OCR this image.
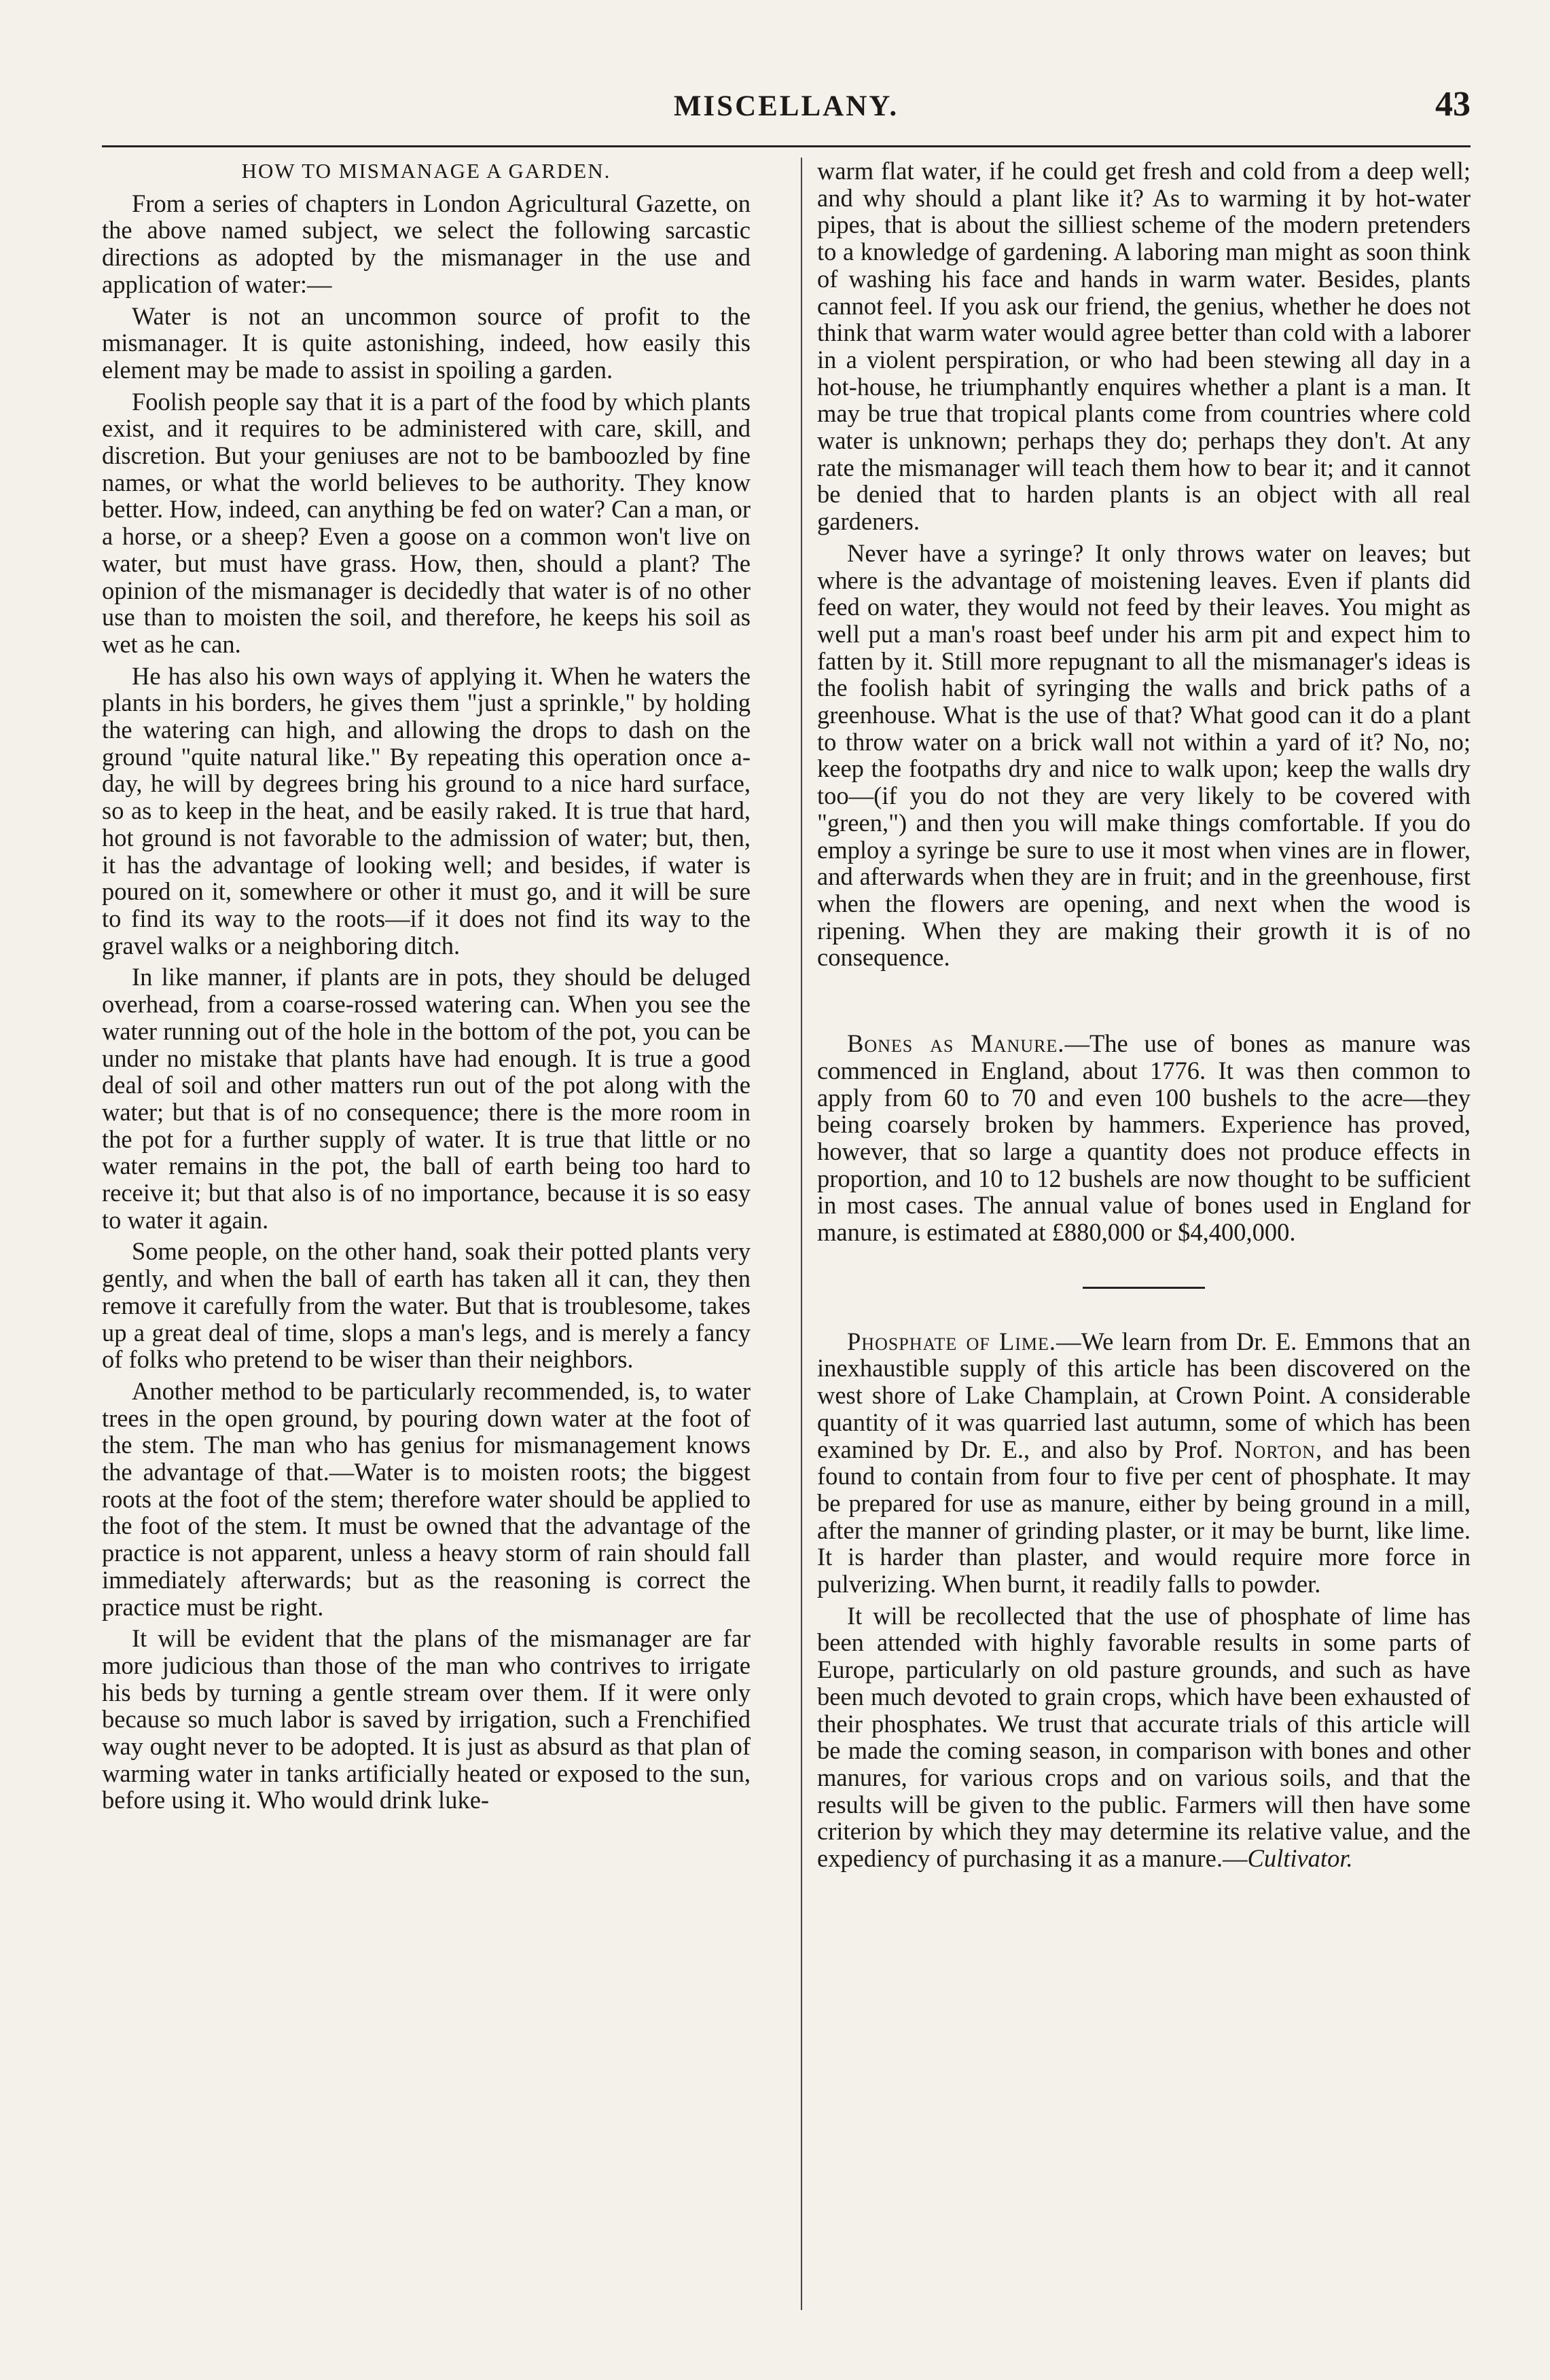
MISCELLANY.	43
HOW TO MISMANAGE A GARDEN.

From a series of chapters in London Agricultural Gazette, on the above named subject, we select the following sarcastic directions as adopted by the mismanager in the use and application of water:—

Water is not an uncommon source of profit to the mismanager. It is quite astonishing, indeed, how easily this element may be made to assist in spoiling a garden.

Foolish people say that it is a part of the food by which plants exist, and it requires to be administered with care, skill, and discretion. But your geniuses are not to be bamboozled by fine names, or what the world believes to be authority. They know better. How, indeed, can anything be fed on water? Can a man, or a horse, or a sheep? Even a goose on a common won't live on water, but must have grass. How, then, should a plant? The opinion of the mismanager is decidedly that water is of no other use than to moisten the soil, and therefore, he keeps his soil as wet as he can.

He has also his own ways of applying it. When he waters the plants in his borders, he gives them "just a sprinkle," by holding the watering can high, and allowing the drops to dash on the ground "quite natural like." By repeating this operation once a-day, he will by degrees bring his ground to a nice hard surface, so as to keep in the heat, and be easily raked. It is true that hard, hot ground is not favorable to the admission of water; but, then, it has the advantage of looking well; and besides, if water is poured on it, somewhere or other it must go, and it will be sure to find its way to the roots—if it does not find its way to the gravel walks or a neighboring ditch.

In like manner, if plants are in pots, they should be deluged overhead, from a coarse-rossed watering can. When you see the water running out of the hole in the bottom of the pot, you can be under no mistake that plants have had enough. It is true a good deal of soil and other matters run out of the pot along with the water; but that is of no consequence; there is the more room in the pot for a further supply of water. It is true that little or no water remains in the pot, the ball of earth being too hard to receive it; but that also is of no importance, because it is so easy to water it again.

Some people, on the other hand, soak their potted plants very gently, and when the ball of earth has taken all it can, they then remove it carefully from the water. But that is troublesome, takes up a great deal of time, slops a man's legs, and is merely a fancy of folks who pretend to be wiser than their neighbors.

Another method to be particularly recommended, is, to water trees in the open ground, by pouring down water at the foot of the stem. The man who has genius for mismanagement knows the advantage of that.—Water is to moisten roots; the biggest roots at the foot of the stem; therefore water should be applied to the foot of the stem. It must be owned that the advantage of the practice is not apparent, unless a heavy storm of rain should fall immediately afterwards; but as the reasoning is correct the practice must be right.

It will be evident that the plans of the mismanager are far more judicious than those of the man who contrives to irrigate his beds by turning a gentle stream over them. If it were only because so much labor is saved by irrigation, such a Frenchified way ought never to be adopted. It is just as absurd as that plan of warming water in tanks artificially heated or exposed to the sun, before using it. Who would drink luke-

warm flat water, if he could get fresh and cold from a deep well; and why should a plant like it? As to warming it by hot-water pipes, that is about the silliest scheme of the modern pretenders to a knowledge of gardening. A laboring man might as soon think of washing his face and hands in warm water. Besides, plants cannot feel. If you ask our friend, the genius, whether he does not think that warm water would agree better than cold with a laborer in a violent perspiration, or who had been stewing all day in a hot-house, he triumphantly enquires whether a plant is a man. It may be true that tropical plants come from countries where cold water is unknown; perhaps they do; perhaps they don't. At any rate the mismanager will teach them how to bear it; and it cannot be denied that to harden plants is an object with all real gardeners.

Never have a syringe? It only throws water on leaves; but where is the advantage of moistening leaves. Even if plants did feed on water, they would not feed by their leaves. You might as well put a man's roast beef under his arm pit and expect him to fatten by it. Still more repugnant to all the mismanager's ideas is the foolish habit of syringing the walls and brick paths of a greenhouse. What is the use of that? What good can it do a plant to throw water on a brick wall not within a yard of it? No, no; keep the footpaths dry and nice to walk upon; keep the walls dry too—(if you do not they are very likely to be covered with "green,") and then you will make things comfortable. If you do employ a syringe be sure to use it most when vines are in flower, and afterwards when they are in fruit; and in the greenhouse, first when the flowers are opening, and next when the wood is ripening. When they are making their growth it is of no consequence.

Bones as Manure.—The use of bones as manure was commenced in England, about 1776. It was then common to apply from 60 to 70 and even 100 bushels to the acre—they being coarsely broken by hammers. Experience has proved, however, that so large a quantity does not produce effects in proportion, and 10 to 12 bushels are now thought to be sufficient in most cases. The annual value of bones used in England for manure, is estimated at £880,000 or $4,400,000.

Phosphate of Lime.—We learn from Dr. E. Emmons that an inexhaustible supply of this article has been discovered on the west shore of Lake Champlain, at Crown Point. A considerable quantity of it was quarried last autumn, some of which has been examined by Dr. E., and also by Prof. Norton, and has been found to contain from four to five per cent of phosphate. It may be prepared for use as manure, either by being ground in a mill, after the manner of grinding plaster, or it may be burnt, like lime. It is harder than plaster, and would require more force in pulverizing. When burnt, it readily falls to powder.

It will be recollected that the use of phosphate of lime has been attended with highly favorable results in some parts of Europe, particularly on old pasture grounds, and such as have been much devoted to grain crops, which have been exhausted of their phosphates. We trust that accurate trials of this article will be made the coming season, in comparison with bones and other manures, for various crops and on various soils, and that the results will be given to the public. Farmers will then have some criterion by which they may determine its relative value, and the expediency of purchasing it as a manure.—Cultivator.
